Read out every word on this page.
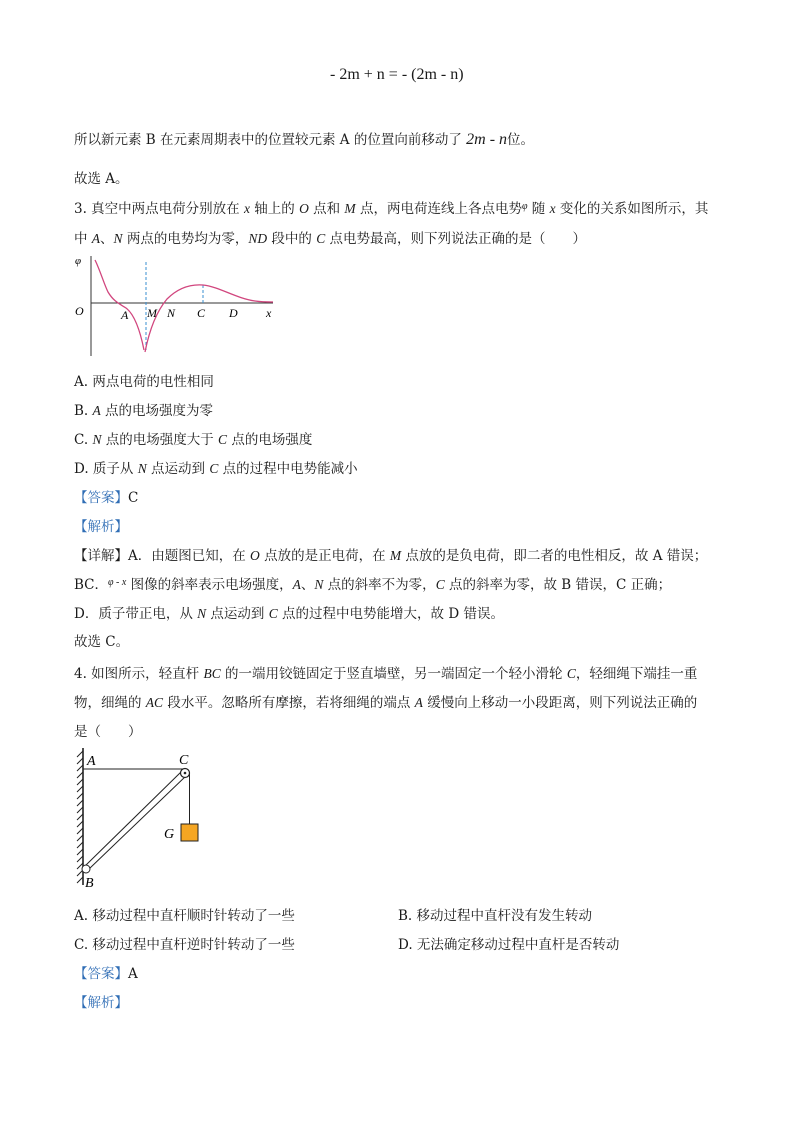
- 2m + n = - (2m - n)
所以新元素 B 在元素周期表中的位置较元素 A 的位置向前移动了 2m - n位。
故选 A。
3. 真空中两点电荷分别放在 x 轴上的 O 点和 M 点，两电荷连线上各点电势$^\varphi$ 随 x 变化的关系如图所示，其
中 A、N 两点的电势均为零，ND 段中的 C 点电势最高，则下列说法正确的是（　　）
φ
O	A M N C D x
A. 两点电荷的电性相同
B. A 点的电场强度为零
C. N 点的电场强度大于 C 点的电场强度
D. 质子从 N 点运动到 C 点的过程中电势能减小
【答案】C
【解析】
【详解】A．由题图已知，在 O 点放的是正电荷，在 M 点放的是负电荷，即二者的电性相反，故 A 错误；
BC．$^{\varphi - x}$ 图像的斜率表示电场强度，A、N 点的斜率不为零，C 点的斜率为零，故 B 错误，C 正确；
D．质子带正电，从 N 点运动到 C 点的过程中电势能增大，故 D 错误。
故选 C。
4. 如图所示，轻直杆 BC 的一端用铰链固定于竖直墙壁，另一端固定一个轻小滑轮 C，轻细绳下端挂一重
物，细绳的 AC 段水平。忽略所有摩擦，若将细绳的端点 A 缓慢向上移动一小段距离，则下列说法正确的
是（　　）
A	C
G
B
A. 移动过程中直杆顺时针转动了一些	B. 移动过程中直杆没有发生转动
C. 移动过程中直杆逆时针转动了一些	D. 无法确定移动过程中直杆是否转动
【答案】A
【解析】
